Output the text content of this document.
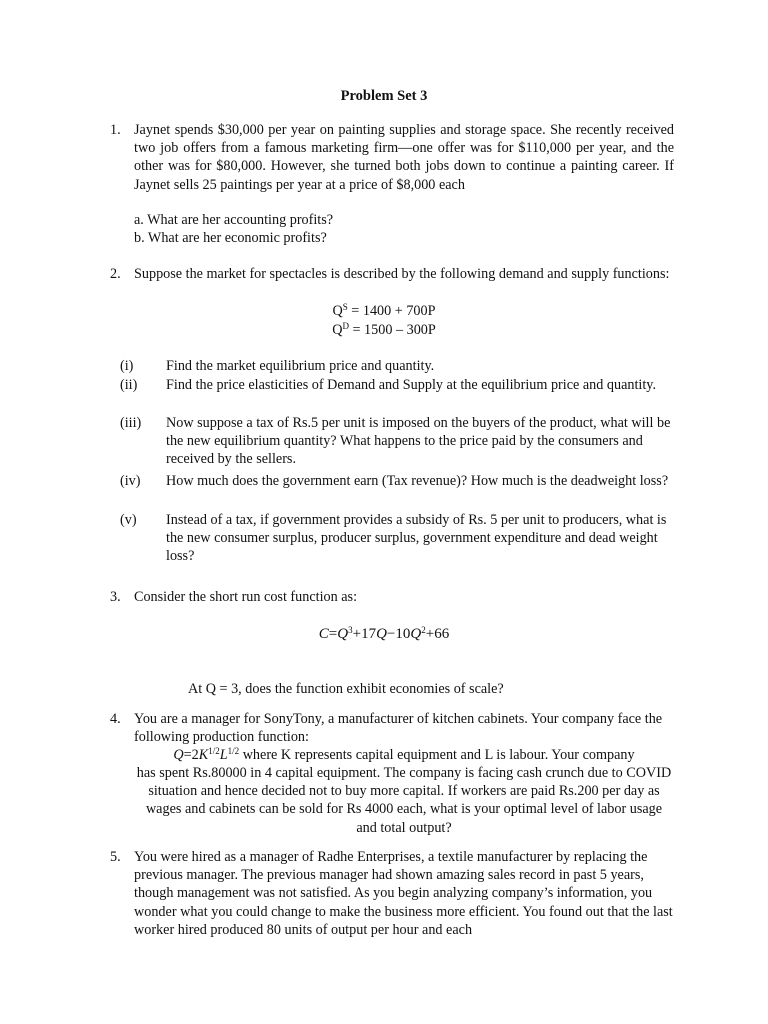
Problem Set 3
1. Jaynet spends $30,000 per year on painting supplies and storage space. She recently received two job offers from a famous marketing firm—one offer was for $110,000 per year, and the other was for $80,000. However, she turned both jobs down to continue a painting career. If Jaynet sells 25 paintings per year at a price of $8,000 each
a. What are her accounting profits?
b. What are her economic profits?
2. Suppose the market for spectacles is described by the following demand and supply functions:
$Q^S = 1400 + 700P$
$Q^D = 1500 - 300P$
(i) Find the market equilibrium price and quantity.
(ii) Find the price elasticities of Demand and Supply at the equilibrium price and quantity.
(iii) Now suppose a tax of Rs.5 per unit is imposed on the buyers of the product, what will be the new equilibrium quantity? What happens to the price paid by the consumers and received by the sellers.
(iv) How much does the government earn (Tax revenue)? How much is the deadweight loss?
(v) Instead of a tax, if government provides a subsidy of Rs. 5 per unit to producers, what is the new consumer surplus, producer surplus, government expenditure and dead weight loss?
3. Consider the short run cost function as:
$C=Q^3+17Q-10Q^2+66$
At Q = 3, does the function exhibit economies of scale?
4. You are a manager for SonyTony, a manufacturer of kitchen cabinets. Your company face the following production function:
$Q=2K^{1/2}L^{1/2}$ where K represents capital equipment and L is labour. Your company
has spent Rs.80000 in 4 capital equipment. The company is facing cash crunch due to COVID situation and hence decided not to buy more capital. If workers are paid Rs.200 per day as wages and cabinets can be sold for Rs 4000 each, what is your optimal level of labor usage and total output?
5. You were hired as a manager of Radhe Enterprises, a textile manufacturer by replacing the previous manager. The previous manager had shown amazing sales record in past 5 years, though management was not satisfied. As you begin analyzing company’s information, you wonder what you could change to make the business more efficient. You found out that the last worker hired produced 80 units of output per hour and each
